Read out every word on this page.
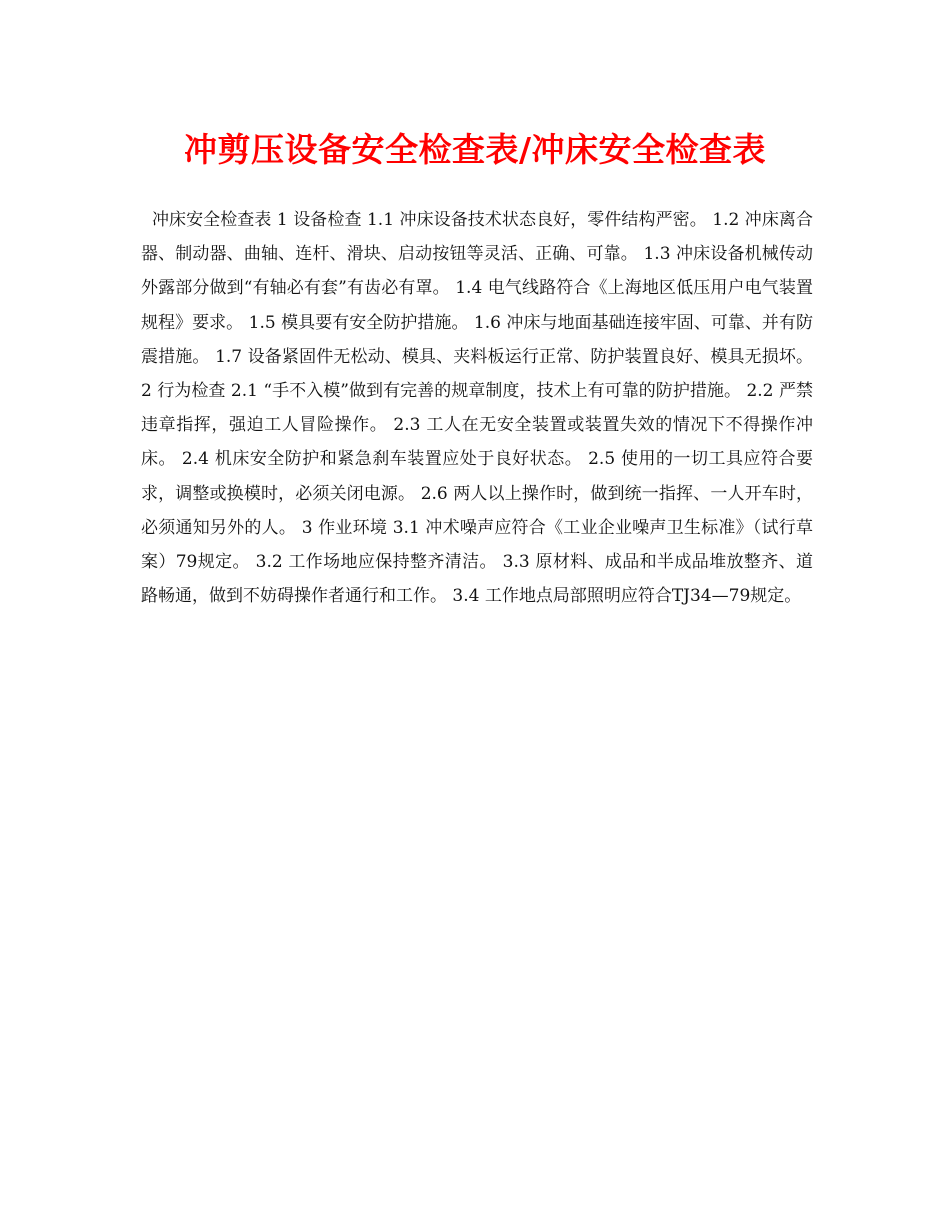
冲剪压设备安全检查表/冲床安全检查表

冲床安全检查表 1 设备检查 1.1 冲床设备技术状态良好，零件结构严密。 1.2 冲床离合器、制动器、曲轴、连杆、滑块、启动按钮等灵活、正确、可靠。 1.3 冲床设备机械传动外露部分做到“有轴必有套”有齿必有罩。 1.4 电气线路符合《上海地区低压用户电气装置规程》要求。 1.5 模具要有安全防护措施。 1.6 冲床与地面基础连接牢固、可靠、并有防震措施。 1.7 设备紧固件无松动、模具、夹料板运行正常、防护装置良好、模具无损坏。 2 行为检查 2.1 “手不入模”做到有完善的规章制度，技术上有可靠的防护措施。 2.2 严禁违章指挥，强迫工人冒险操作。 2.3 工人在无安全装置或装置失效的情况下不得操作冲床。 2.4 机床安全防护和紧急刹车装置应处于良好状态。 2.5 使用的一切工具应符合要求，调整或换模时，必须关闭电源。 2.6 两人以上操作时，做到统一指挥、一人开车时，必须通知另外的人。 3 作业环境 3.1 冲术噪声应符合《工业企业噪声卫生标准》（试行草案）79规定。 3.2 工作场地应保持整齐清洁。 3.3 原材料、成品和半成品堆放整齐、道路畅通，做到不妨碍操作者通行和工作。 3.4 工作地点局部照明应符合TJ34—79规定。
